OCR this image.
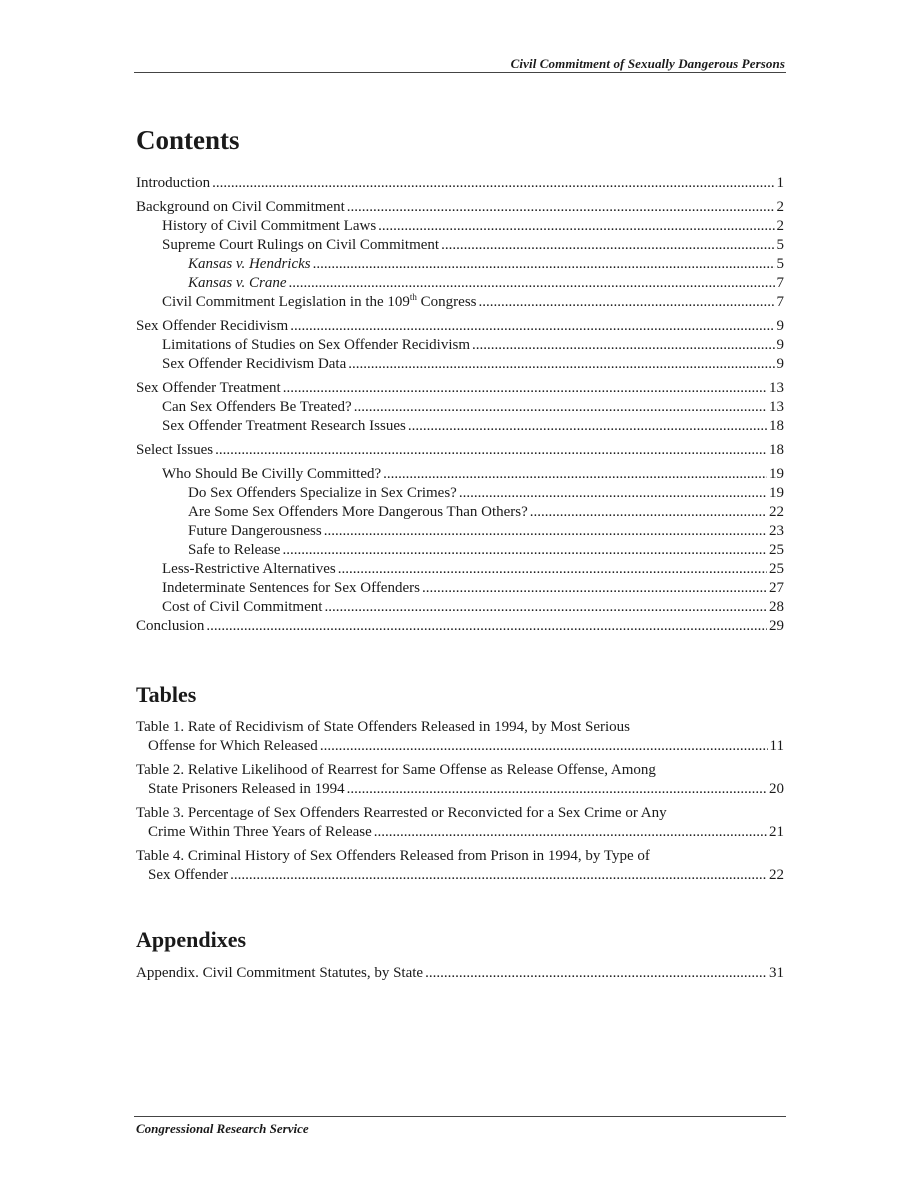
Civil Commitment of Sexually Dangerous Persons
Contents
Introduction .....	1
Background on Civil Commitment .....	2
History of Civil Commitment Laws .....	2
Supreme Court Rulings on Civil Commitment .....	5
Kansas v. Hendricks .....	5
Kansas v. Crane .....	7
Civil Commitment Legislation in the 109th Congress .....	7
Sex Offender Recidivism .....	9
Limitations of Studies on Sex Offender Recidivism .....	9
Sex Offender Recidivism Data .....	9
Sex Offender Treatment .....	13
Can Sex Offenders Be Treated? .....	13
Sex Offender Treatment Research Issues .....	18
Select Issues .....	18
Who Should Be Civilly Committed? .....	19
Do Sex Offenders Specialize in Sex Crimes? .....	19
Are Some Sex Offenders More Dangerous Than Others? .....	22
Future Dangerousness .....	23
Safe to Release .....	25
Less-Restrictive Alternatives .....	25
Indeterminate Sentences for Sex Offenders .....	27
Cost of Civil Commitment .....	28
Conclusion .....	29
Tables
Table 1. Rate of Recidivism of State Offenders Released in 1994, by Most Serious
Offense for Which Released .....	11
Table 2. Relative Likelihood of Rearrest for Same Offense as Release Offense, Among
State Prisoners Released in 1994 .....	20
Table 3. Percentage of Sex Offenders Rearrested or Reconvicted for a Sex Crime or Any
Crime Within Three Years of Release .....	21
Table 4. Criminal History of Sex Offenders Released from Prison in 1994, by Type of
Sex Offender .....	22
Appendixes
Appendix. Civil Commitment Statutes, by State .....	31
Congressional Research Service
